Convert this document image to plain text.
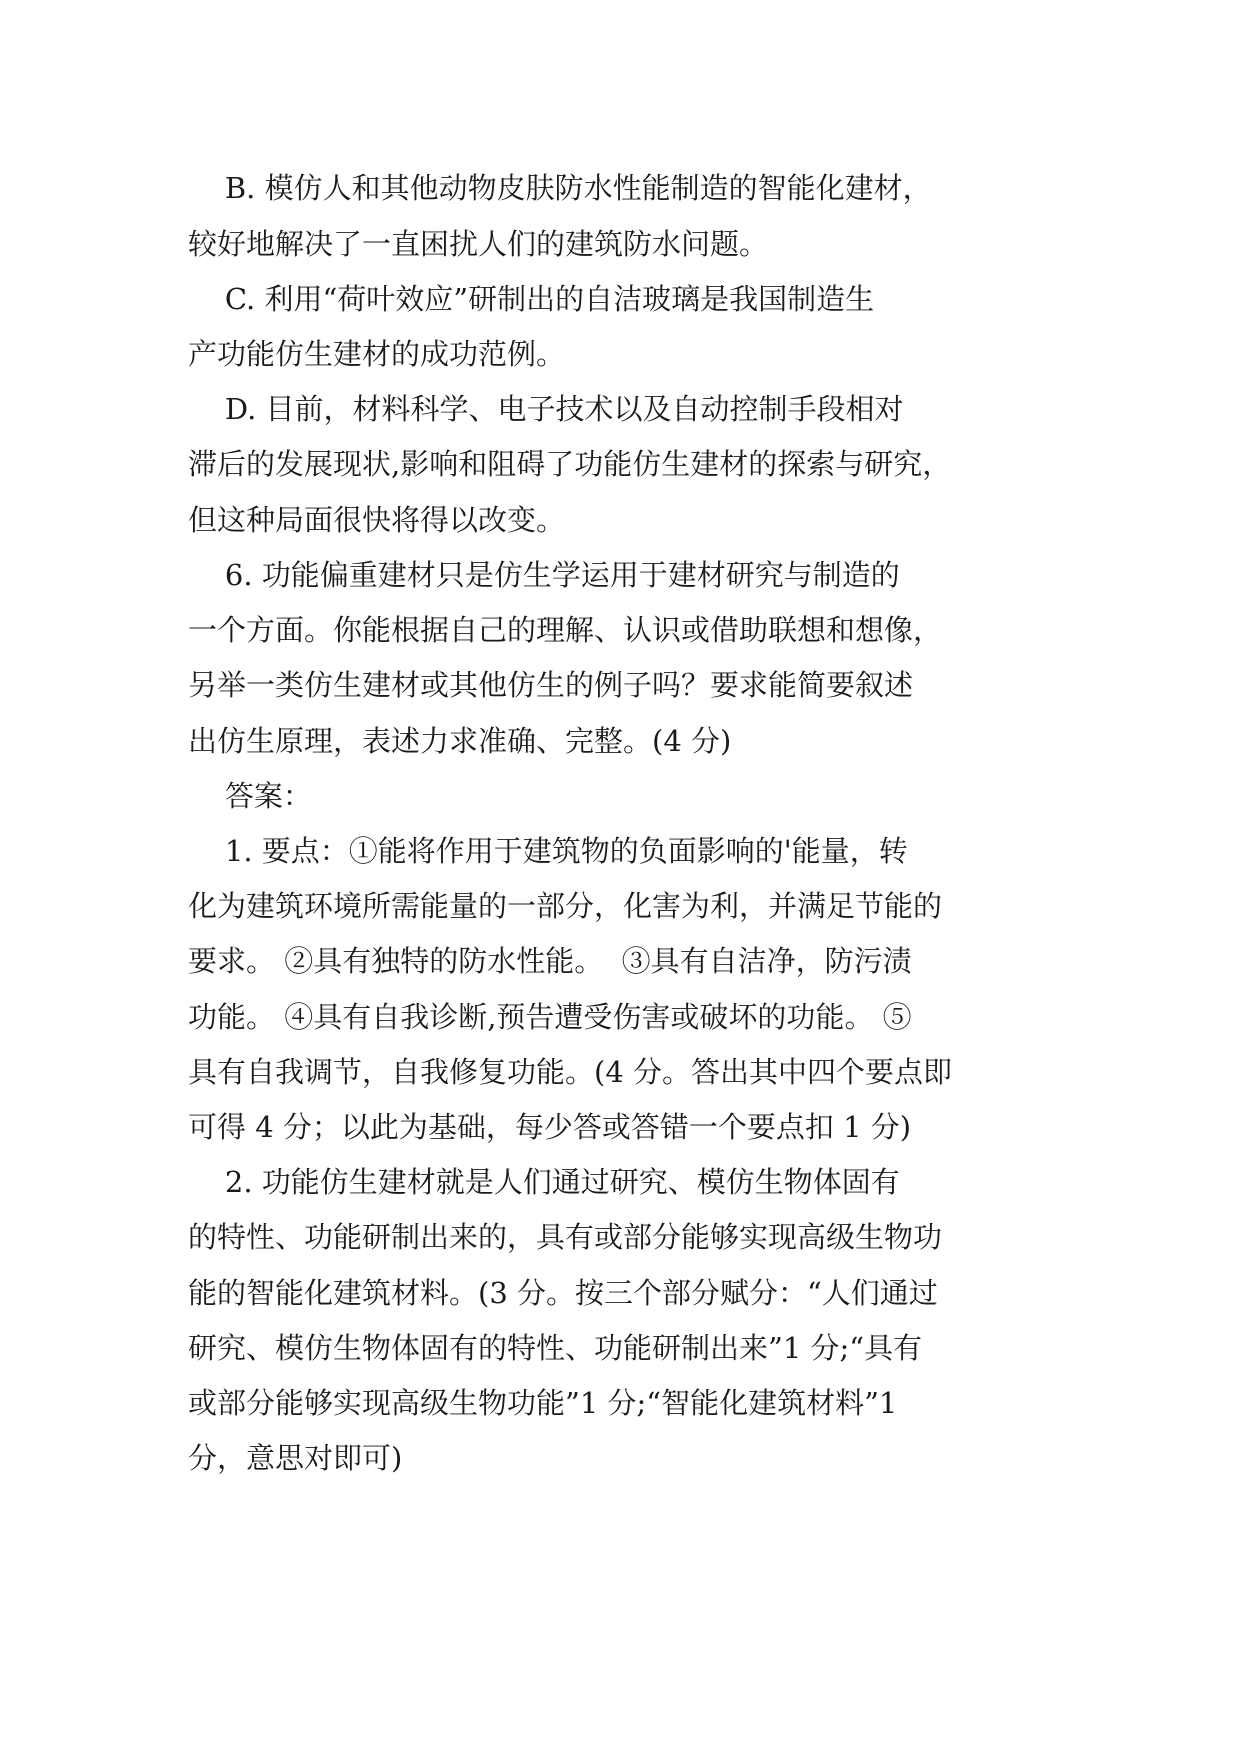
B. 模仿人和其他动物皮肤防水性能制造的智能化建材，

较好地解决了一直困扰人们的建筑防水问题。

C. 利用“荷叶效应”研制出的自洁玻璃是我国制造生

产功能仿生建材的成功范例。

D. 目前，材料科学、电子技术以及自动控制手段相对

滞后的发展现状,影响和阻碍了功能仿生建材的探索与研究，

但这种局面很快将得以改变。

6. 功能偏重建材只是仿生学运用于建材研究与制造的

一个方面。你能根据自己的理解、认识或借助联想和想像，

另举一类仿生建材或其他仿生的例子吗？要求能简要叙述

出仿生原理，表述力求准确、完整。(4 分)

答案：

1. 要点：①能将作用于建筑物的负面影响的'能量，转

化为建筑环境所需能量的一部分，化害为利，并满足节能的

要求。 ②具有独特的防水性能。  ③具有自洁净，防污渍

功能。 ④具有自我诊断,预告遭受伤害或破坏的功能。 ⑤

具有自我调节，自我修复功能。(4 分。答出其中四个要点即

可得 4 分；以此为基础，每少答或答错一个要点扣 1 分)

2. 功能仿生建材就是人们通过研究、模仿生物体固有

的特性、功能研制出来的，具有或部分能够实现高级生物功

能的智能化建筑材料。(3 分。按三个部分赋分：“人们通过

研究、模仿生物体固有的特性、功能研制出来”1 分;“具有

或部分能够实现高级生物功能”1 分;“智能化建筑材料”1

分，意思对即可)
